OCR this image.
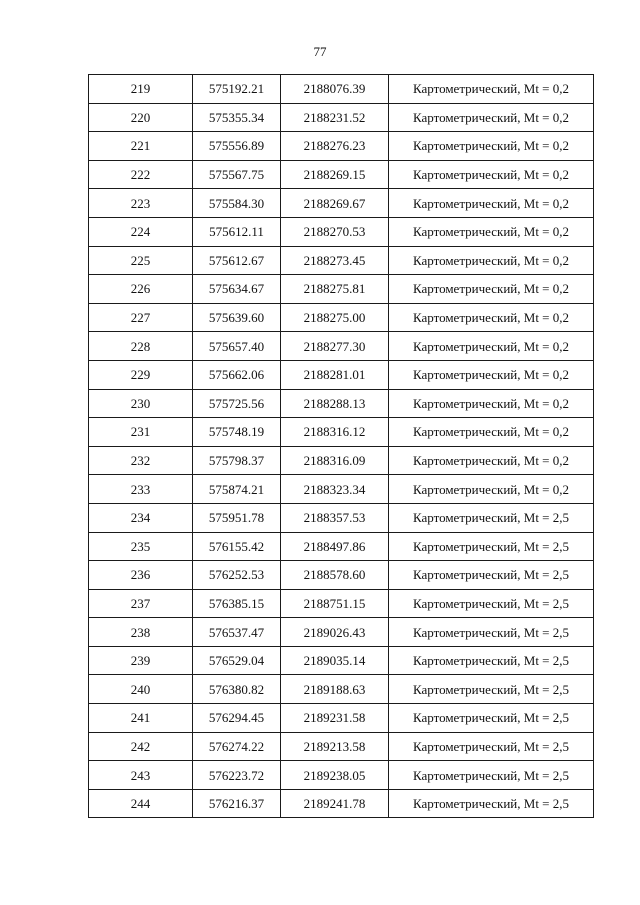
77
219	575192.21	2188076.39	Картометрический, Mt = 0,2
220	575355.34	2188231.52	Картометрический, Mt = 0,2
221	575556.89	2188276.23	Картометрический, Mt = 0,2
222	575567.75	2188269.15	Картометрический, Mt = 0,2
223	575584.30	2188269.67	Картометрический, Mt = 0,2
224	575612.11	2188270.53	Картометрический, Mt = 0,2
225	575612.67	2188273.45	Картометрический, Mt = 0,2
226	575634.67	2188275.81	Картометрический, Mt = 0,2
227	575639.60	2188275.00	Картометрический, Mt = 0,2
228	575657.40	2188277.30	Картометрический, Mt = 0,2
229	575662.06	2188281.01	Картометрический, Mt = 0,2
230	575725.56	2188288.13	Картометрический, Mt = 0,2
231	575748.19	2188316.12	Картометрический, Mt = 0,2
232	575798.37	2188316.09	Картометрический, Mt = 0,2
233	575874.21	2188323.34	Картометрический, Mt = 0,2
234	575951.78	2188357.53	Картометрический, Mt = 2,5
235	576155.42	2188497.86	Картометрический, Mt = 2,5
236	576252.53	2188578.60	Картометрический, Mt = 2,5
237	576385.15	2188751.15	Картометрический, Mt = 2,5
238	576537.47	2189026.43	Картометрический, Mt = 2,5
239	576529.04	2189035.14	Картометрический, Mt = 2,5
240	576380.82	2189188.63	Картометрический, Mt = 2,5
241	576294.45	2189231.58	Картометрический, Mt = 2,5
242	576274.22	2189213.58	Картометрический, Mt = 2,5
243	576223.72	2189238.05	Картометрический, Mt = 2,5
244	576216.37	2189241.78	Картометрический, Mt = 2,5
